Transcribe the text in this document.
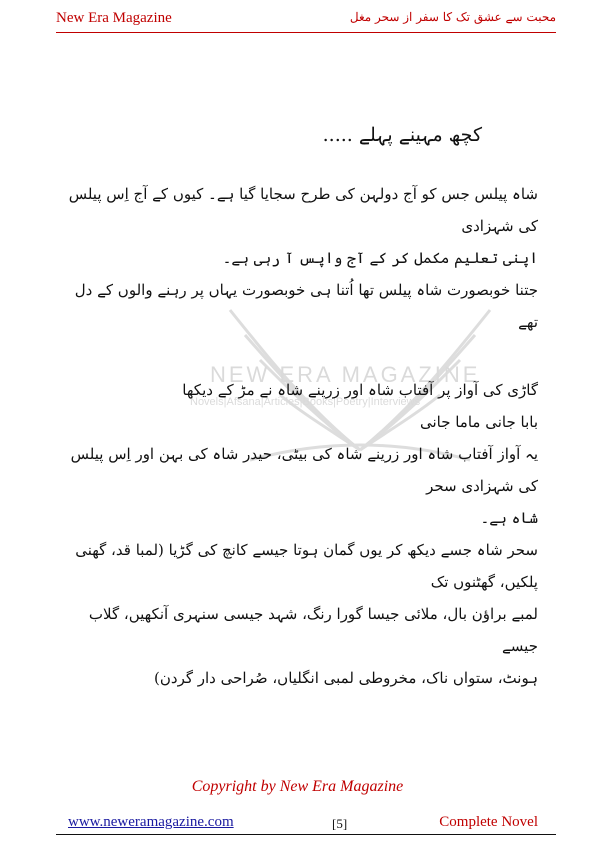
New Era Magazine	محبت سے عشق تک کا سفر از سحر مغل
NEW ERA MAGAZINE
Novels|Afsana|Articles|Books|Poetry|Interviews
کچھ مہینے پہلے .....

شاہ پیلس جس کو آج دولہن کی طرح سجایا گیا ہے۔ کیوں کے آج اِس پیلس کی شہزادی

اپنی تعلیم مکمل کر کے آج واپس آ رہی ہے۔

جتنا خوبصورت شاہ پیلس تھا اُتنا ہی خوبصورت یہاں پر رہنے والوں کے دل تھے

گاڑی کی آواز پر آفتاب شاہ اور زرینے شاہ نے مڑ کے دیکھا

بابا جانی ماما جانی

یہ آواز آفتاب شاہ اور زرینے شاہ کی بیٹی، حیدر شاہ کی بہن اور اِس پیلس کی شہزادی سحر

شاہ ہے۔

سحر شاہ جسے دیکھ کر یوں گمان ہوتا جیسے کانچ کی گڑیا (لمبا قد، گھنی پلکیں، گھٹنوں تک

لمبے براؤن بال، ملائی جیسا گورا رنگ، شہد جیسی سنہری آنکھیں، گلاب جیسے

ہونٹ، ستواں ناک، مخروطی لمبی انگلیاں، صُراحی دار گردن)

Copyright by New Era Magazine
www.neweramagazine.com	[5]	Complete Novel
